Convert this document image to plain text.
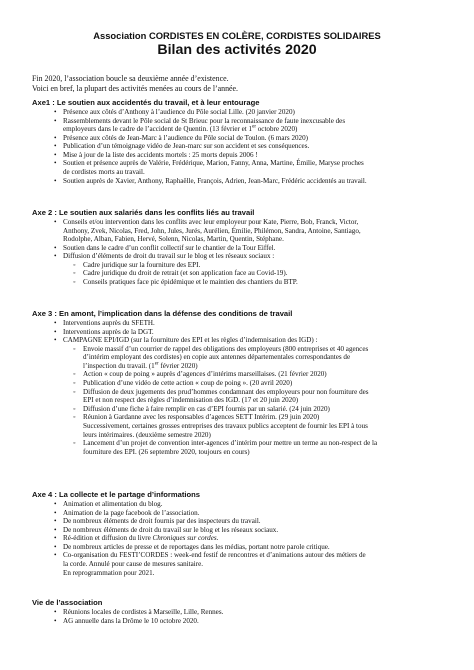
Association CORDISTES EN COLÈRE, CORDISTES SOLIDAIRES
Bilan des activités 2020
Fin 2020, l’association boucle sa deuxième année d’existence.
Voici en bref, la plupart des activités menées au cours de l’année.
Axe1 : Le soutien aux accidentés du travail, et à leur entourage
• Présence aux côtés d’Anthony à l’audience du Pôle social Lille. (20 janvier 2020)
• Rassemblements devant le Pôle social de St Brieuc pour la reconnaissance de faute inexcusable des
employeurs dans le cadre de l’accident de Quentin. (13 février et 1er octobre 2020)
• Présence aux côtés de Jean-Marc à l’audience du Pôle social de Toulon. (6 mars 2020)
• Publication d’un témoignage vidéo de Jean-marc sur son accident et ses conséquences.
• Mise à jour de la liste des accidents mortels : 25 morts depuis 2006 !
• Soutien et présence auprès de Valérie, Frédérique, Marion, Fanny, Anna, Martine, Émilie, Maryse proches
de cordistes morts au travail.
• Soutien auprès de Xavier, Anthony, Raphaëlle, François, Adrien, Jean-Marc, Frédéric accidentés au travail.
Axe 2 : Le soutien aux salariés dans les conflits liés au travail
• Conseils et/ou intervention dans les conflits avec leur employeur pour Kate, Pierre, Bob, Franck, Victor,
Anthony, Zvek, Nicolas, Fred, John, Jules, Jurés, Aurélien, Émilie, Philémon, Sandra, Antoine, Santiago,
Rodolphe, Alban, Fabien, Hervé, Solenn, Nicolas, Martin, Quentin, Stéphane.
• Soutien dans le cadre d’un conflit collectif sur le chantier de la Tour Eiffel.
• Diffusion d’éléments de droit du travail sur le blog et les réseaux sociaux :
◦ Cadre juridique sur la fourniture des EPI.
◦ Cadre juridique du droit de retrait (et son application face au Covid-19).
◦ Conseils pratiques face pic épidémique et le maintien des chantiers du BTP.
Axe 3 : En amont, l’implication dans la défense des conditions de travail
• Interventions auprès du SFETH.
• Interventions auprès de la DGT.
• CAMPAGNE EPI/IGD (sur la fourniture des EPI et les règles d’indemnisation des IGD) :
◦ Envoie massif d’un courrier de rappel des obligations des employeurs (800 entreprises et 40 agences
d’intérim employant des cordistes) en copie aux antennes départementales correspondantes de
l’inspection du travail. (1er février 2020)
◦ Action « coup de poing » auprès d’agences d’intérims marseillaises. (21 février 2020)
◦ Publication d’une vidéo de cette action « coup de poing ». (20 avril 2020)
◦ Diffusion de deux jugements des prud’hommes condamnant des employeurs pour non fourniture des
EPI et non respect des règles d’indemnisation des IGD. (17 et 20 juin 2020)
◦ Diffusion d’une fiche à faire remplir en cas d’EPI fournis par un salarié. (24 juin 2020)
◦ Réunion à Gardanne avec les responsables d’agences SETT Intérim. (29 juin 2020)
Successivement, certaines grosses entreprises des travaux publics acceptent de fournir les EPI à tous
leurs intérimaires. (deuxième semestre 2020)
◦ Lancement d’un projet de convention inter-agences d’intérim pour mettre un terme au non-respect de la
fourniture des EPI. (26 septembre 2020, toujours en cours)
Axe 4 : La collecte et le partage d’informations
• Animation et alimentation du blog.
• Animation de la page facebook de l’association.
• De nombreux éléments de droit fournis par des inspecteurs du travail.
• De nombreux éléments de droit du travail sur le blog et les réseaux sociaux.
• Ré-édition et diffusion du livre Chroniques sur cordes.
• De nombreux articles de presse et de reportages dans les médias, portant notre parole critique.
• Co-organisation du FESTI’CORDES : week-end festif de rencontres et d’animations autour des métiers de
la corde. Annulé pour cause de mesures sanitaire.
En reprogrammation pour 2021.
Vie de l’association
• Réunions locales de cordistes à Marseille, Lille, Rennes.
• AG annuelle dans la Drôme le 10 octobre 2020.
